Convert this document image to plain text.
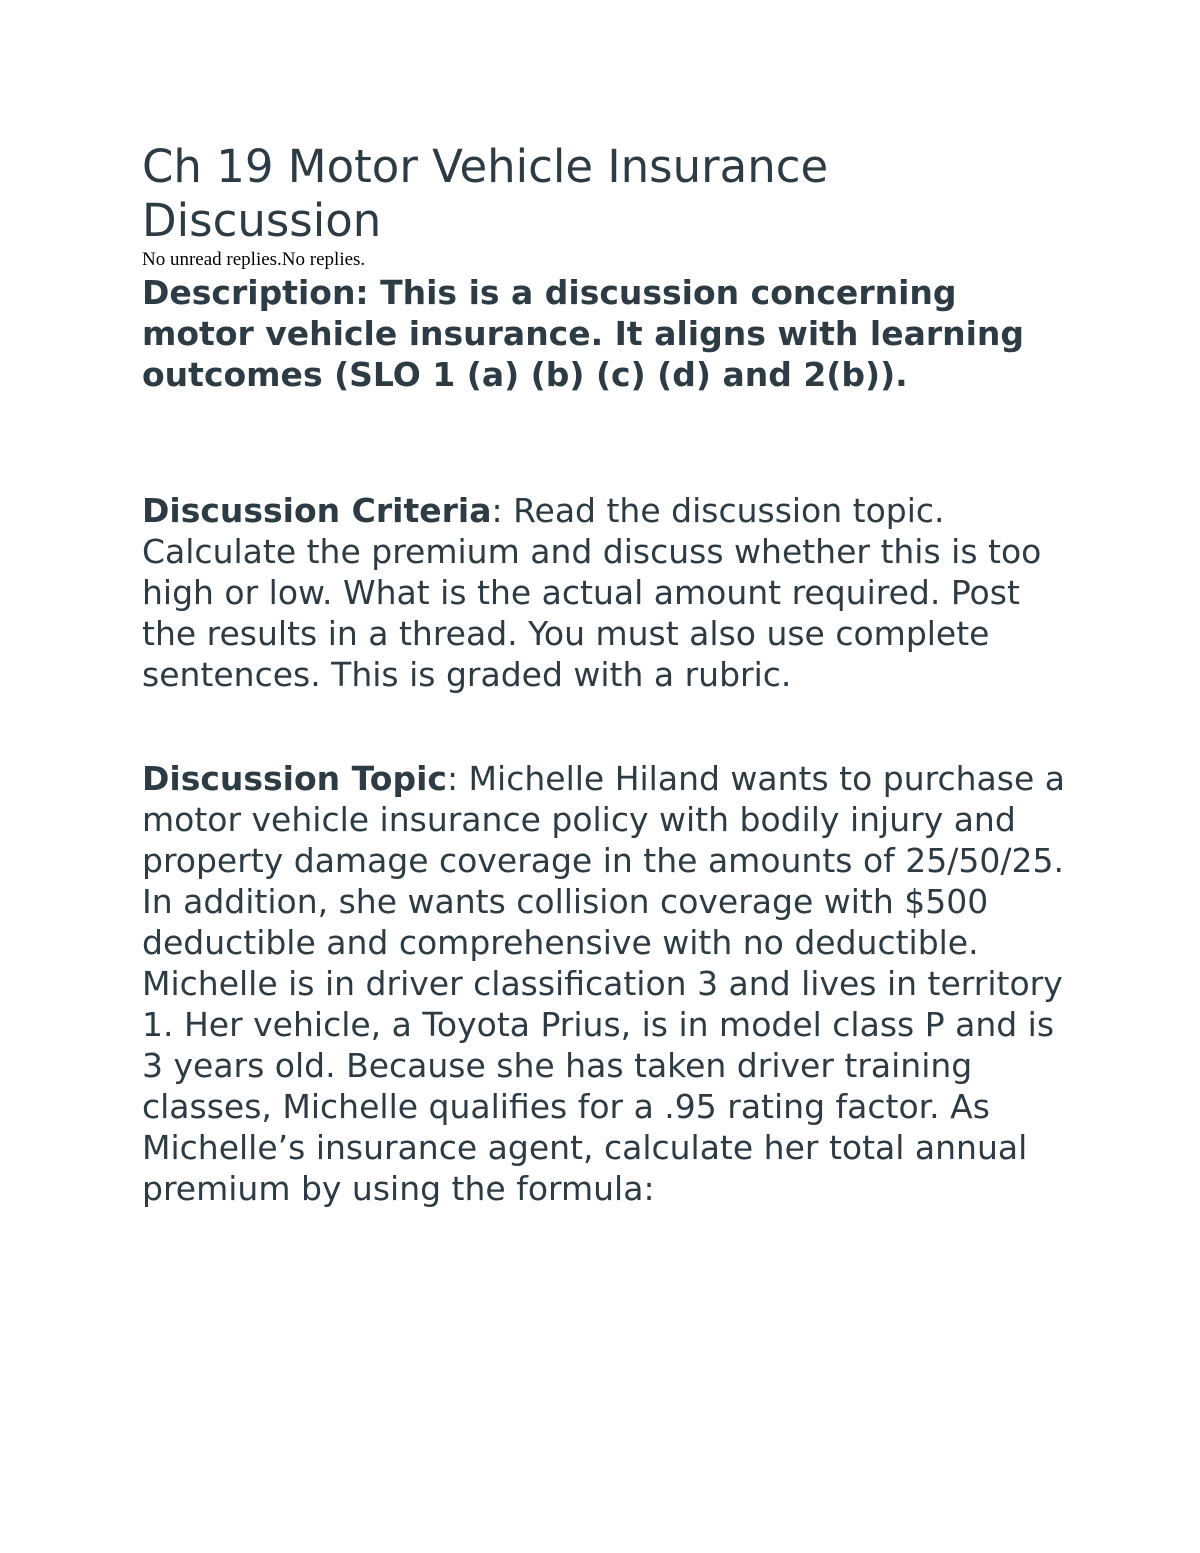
Ch 19 Motor Vehicle Insurance Discussion

No unread replies.No replies.

Description: This is a discussion concerning motor vehicle insurance. It aligns with learning outcomes (SLO 1 (a) (b) (c) (d) and 2(b)).

Discussion Criteria: Read the discussion topic. Calculate the premium and discuss whether this is too high or low. What is the actual amount required. Post the results in a thread. You must also use complete sentences. This is graded with a rubric.

Discussion Topic: Michelle Hiland wants to purchase a motor vehicle insurance policy with bodily injury and property damage coverage in the amounts of 25/50/25. In addition, she wants collision coverage with $500 deductible and comprehensive with no deductible. Michelle is in driver classification 3 and lives in territory 1. Her vehicle, a Toyota Prius, is in model class P and is 3 years old. Because she has taken driver training classes, Michelle qualifies for a .95 rating factor. As Michelle’s insurance agent, calculate her total annual premium by using the formula:
